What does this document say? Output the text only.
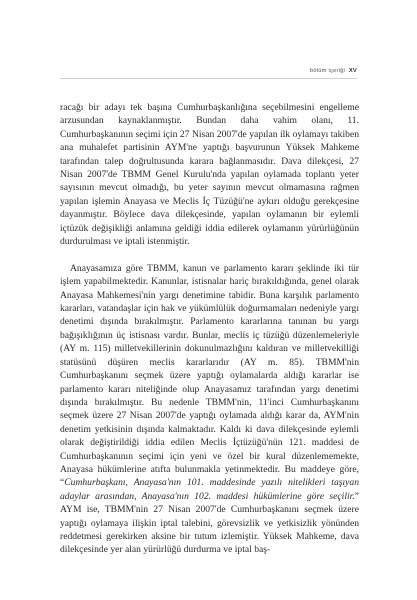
bölüm içeriği XV

racağı bir adayı tek başına Cumhurbaşkanlığına seçebilmesini engelleme arzusundan kaynaklanmıştır. Bundan daha vahim olanı, 11. Cumhurbaşkanının seçimi için 27 Nisan 2007'de yapılan ilk oylamayı takiben ana muhalefet partisinin AYM'ne yaptığı başvurunun Yüksek Mahkeme tarafından talep doğrultusunda karara bağlanmasıdır. Dava dilekçesi, 27 Nisan 2007'de TBMM Genel Kurulu'nda yapılan oylamada toplantı yeter sayısının mevcut olmadığı, bu yeter sayının mevcut olmamasına rağmen yapılan işlemin Anayasa ve Meclis İç Tüzüğü'ne aykırı olduğu gerekçesine dayanmıştır. Böylece dava dilekçesinde, yapılan oylamanın bir eylemli içtüzük değişikliği anlamına geldiği iddia edilerek oylamanın yürürlüğünün durdurulması ve iptali istenmiştir.

Anayasamıza göre TBMM, kanun ve parlamento kararı şeklinde iki tür işlem yapabilmektedir. Kanunlar, istisnalar hariç bırakıldığında, genel olarak Anayasa Mahkemesi'nin yargı denetimine tabidir. Buna karşılık parlamento kararları, vatandaşlar için hak ve yükümlülük doğurmamaları nedeniyle yargı denetimi dışında bırakılmıştır. Parlamento kararlarına tanınan bu yargı bağışıklığının üç istisnası vardır. Bunlar, meclis iç tüzüğü düzenlemeleriyle (AY m. 115) milletvekillerinin dokunulmazlığını kaldıran ve milletvekilliği statüsünü düşüren meclis kararlarıdır (AY m. 85). TBMM'nin Cumhurbaşkanını seçmek üzere yaptığı oylamalarda aldığı kararlar ise parlamento kararı niteliğinde olup Anayasamız tarafından yargı denetimi dışında bırakılmıştır. Bu nedenle TBMM'nin, 11'inci Cumhurbaşkanını seçmek üzere 27 Nisan 2007'de yaptığı oylamada aldığı karar da, AYM'nin denetim yetkisinin dışında kalmaktadır. Kaldı ki dava dilekçesinde eylemli olarak değiştirildiği iddia edilen Meclis İçtüzüğü'nün 121. maddesi de Cumhurbaşkanının seçimi için yeni ve özel bir kural düzenlememekte, Anayasa hükümlerine atıfta bulunmakla yetinmektedir. Bu maddeye göre, “Cumhurbaşkanı, Anayasa'nın 101. maddesinde yazılı nitelikleri taşıyan adaylar arasından, Anayasa'nın 102. maddesi hükümlerine göre seçilir.” AYM ise, TBMM'nin 27 Nisan 2007'de Cumhurbaşkanını seçmek üzere yaptığı oylamaya ilişkin iptal talebini, görevsizlik ve yetkisizlik yönünden reddetmesi gerekirken aksine bir tutum izlemiştir. Yüksek Mahkeme, dava dilekçesinde yer alan yürürlüğü durdurma ve iptal baş-
